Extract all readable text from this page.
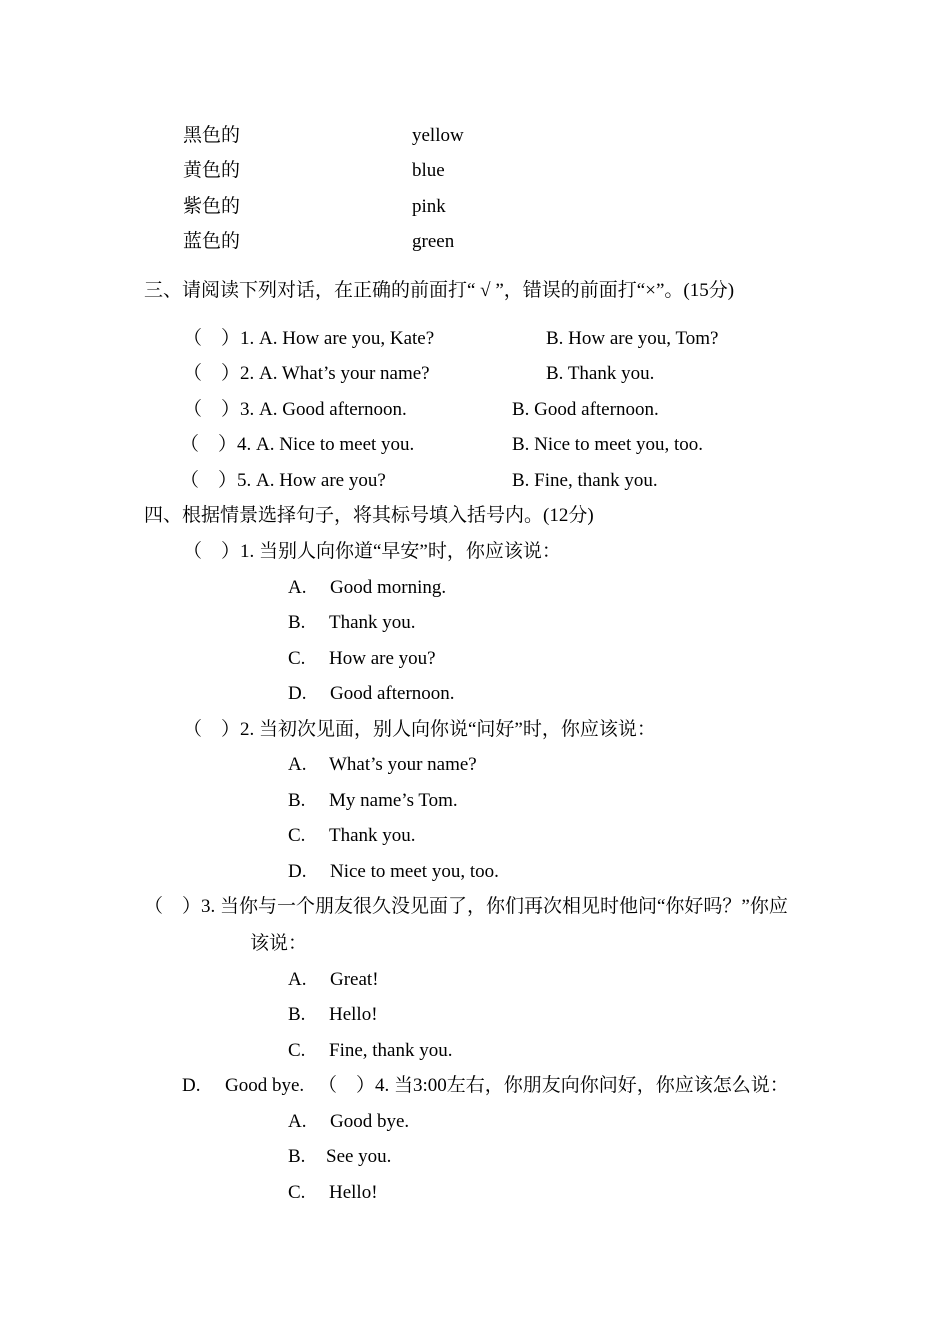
黑色的	yellow
黄色的	blue
紫色的	pink
蓝色的	green
三、请阅读下列对话，在正确的前面打“ √ ”，错误的前面打“×”。(15分)
（　）1. A. How are you, Kate?	B. How are you, Tom?
（　）2. A. What’s your name?	B. Thank you.
（　）3. A. Good afternoon.	B. Good afternoon.
（　）4. A. Nice to meet you.	B. Nice to meet you, too.
（　）5. A. How are you?	B. Fine, thank you.
四、根据情景选择句子，将其标号填入括号内。(12分)
（　）1. 当别人向你道“早安”时，你应该说：
A. Good morning.
B. Thank you.
C. How are you?
D. Good afternoon.
（　）2. 当初次见面，别人向你说“问好”时，你应该说：
A. What’s your name?
B. My name’s Tom.
C. Thank you.
D. Nice to meet you, too.
（　）3. 当你与一个朋友很久没见面了，你们再次相见时他问“你好吗？”你应
该说：
A. Great!
B. Hello!
C. Fine, thank you.
D. Good bye. （　）4. 当3:00左右，你朋友向你问好，你应该怎么说：
A. Good bye.
B. See you.
C. Hello!
